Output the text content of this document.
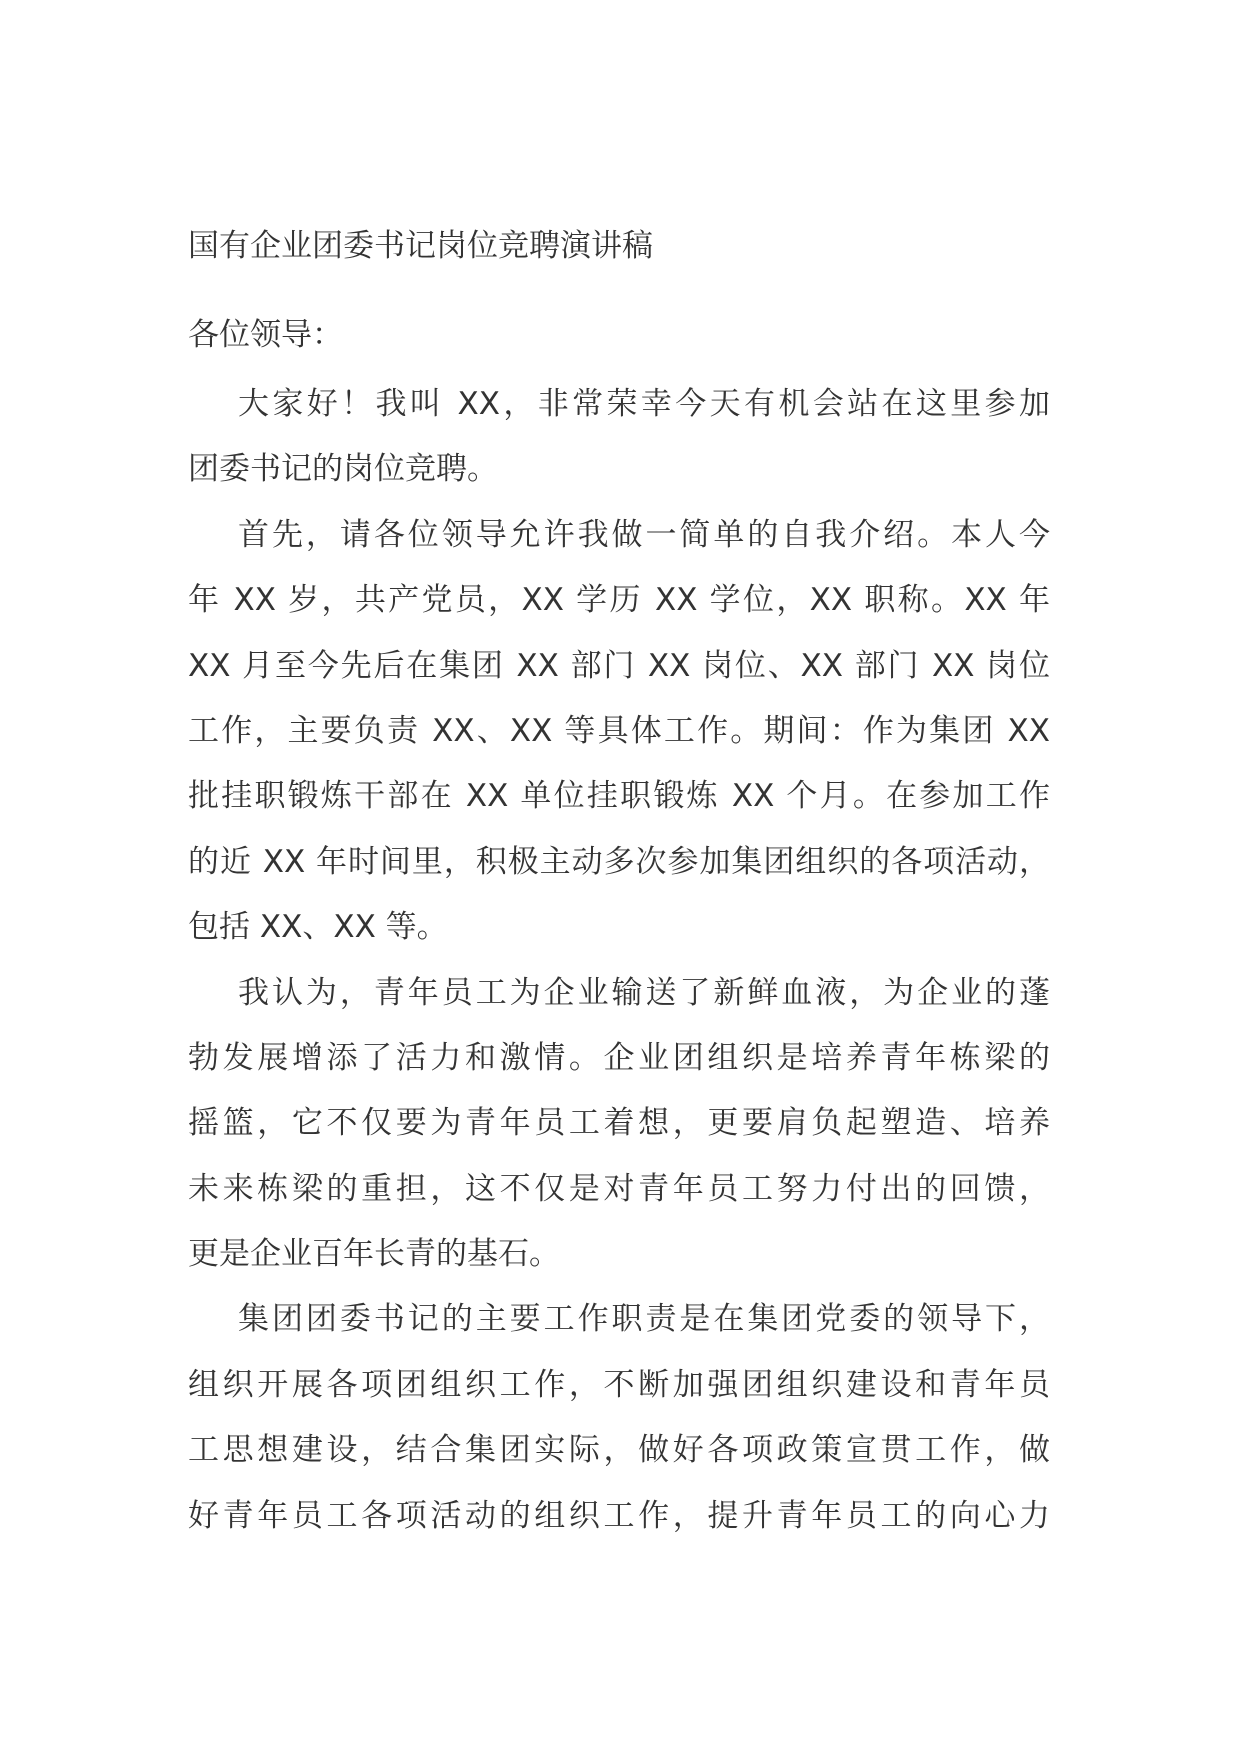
国有企业团委书记岗位竞聘演讲稿
各位领导：
大家好！我叫 XX，非常荣幸今天有机会站在这里参加
团委书记的岗位竞聘。
首先，请各位领导允许我做一简单的自我介绍。本人今
年 XX 岁，共产党员，XX 学历 XX 学位，XX 职称。XX 年
XX 月至今先后在集团 XX 部门 XX 岗位、XX 部门 XX 岗位
工作，主要负责 XX、XX 等具体工作。期间：作为集团 XX
批挂职锻炼干部在 XX 单位挂职锻炼 XX 个月。在参加工作
的近 XX 年时间里，积极主动多次参加集团组织的各项活动，
包括 XX、XX 等。
我认为，青年员工为企业输送了新鲜血液，为企业的蓬
勃发展增添了活力和激情。企业团组织是培养青年栋梁的
摇篮，它不仅要为青年员工着想，更要肩负起塑造、培养
未来栋梁的重担，这不仅是对青年员工努力付出的回馈，
更是企业百年长青的基石。
集团团委书记的主要工作职责是在集团党委的领导下，
组织开展各项团组织工作，不断加强团组织建设和青年员
工思想建设，结合集团实际，做好各项政策宣贯工作，做
好青年员工各项活动的组织工作，提升青年员工的向心力
